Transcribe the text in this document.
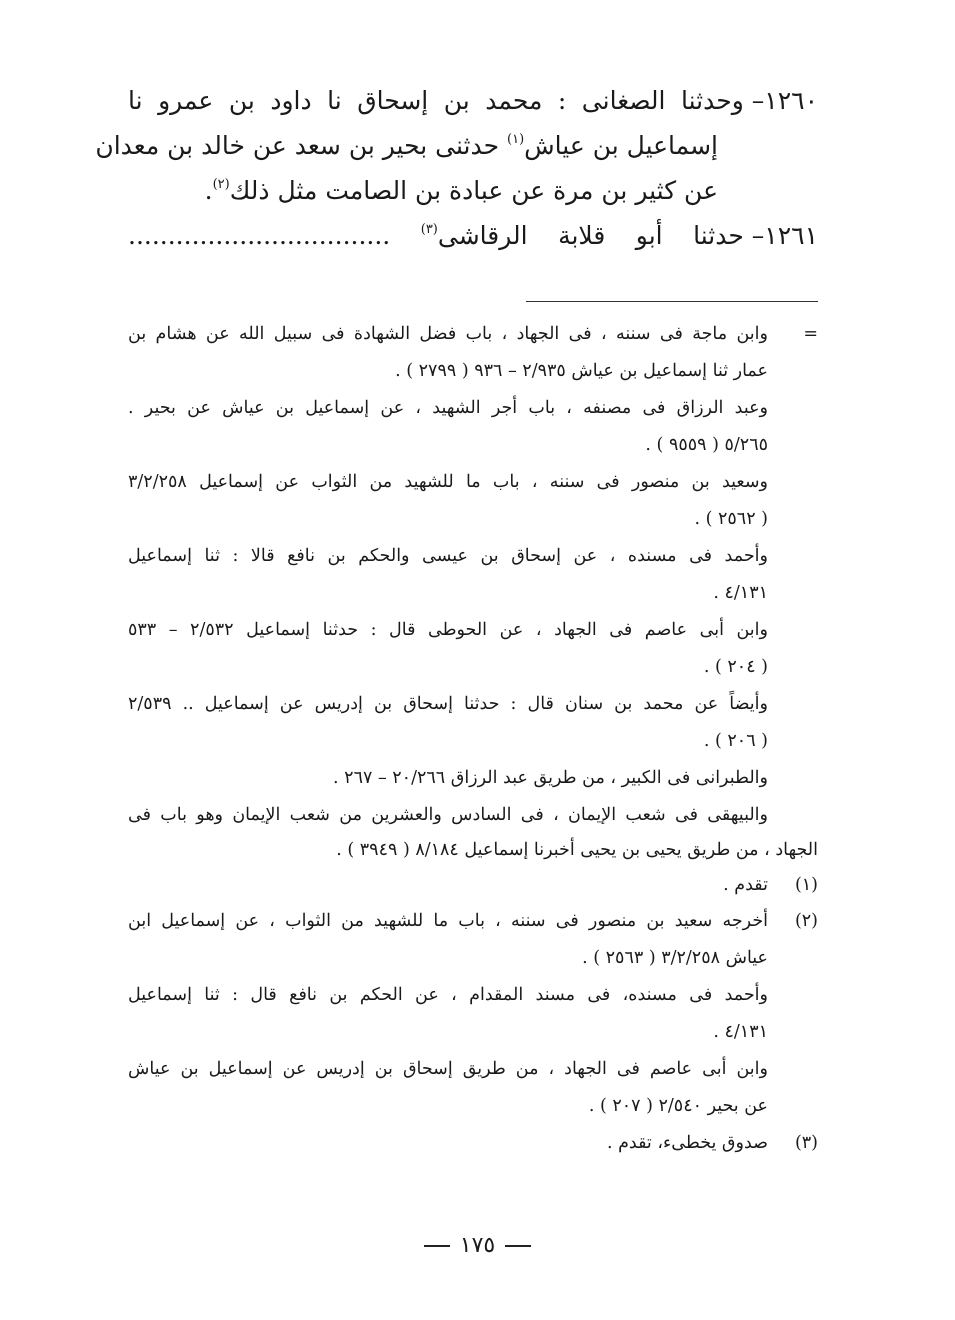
١٢٦٠–وحدثنا الصغانى : محمد بن إسحاق نا داود بن عمرو نا
إسماعيل بن عياش$^{(١)}$ حدثنى بحير بن سعد عن خالد بن معدان
عن كثير بن مرة عن عبادة بن الصامت مثل ذلك$^{(٢)}$.
١٢٦١–حدثنا أبو قلابة الرقاشى$^{(٣)}$ .................................
=
وابن ماجة فى سننه ، فى الجهاد ، باب فضل الشهادة فى سبيل الله عن هشام بن
عمار ثنا إسماعيل بن عياش ٢/٩٣٥ – ٩٣٦ ( ٢٧٩٩ ) .
وعبد الرزاق فى مصنفه ، باب أجر الشهيد ، عن إسماعيل بن عياش عن بحير .
٥/٢٦٥ ( ٩٥٥٩ ) .
وسعيد بن منصور فى سننه ، باب ما للشهيد من الثواب عن إسماعيل ٣/٢/٢٥٨
( ٢٥٦٢ ) .
وأحمد فى مسنده ، عن إسحاق بن عيسى والحكم بن نافع قالا : ثنا إسماعيل
٤/١٣١ .
وابن أبى عاصم فى الجهاد ، عن الحوطى قال : حدثنا إسماعيل ٢/٥٣٢ – ٥٣٣
( ٢٠٤ ) .
وأيضاً عن محمد بن سنان قال : حدثنا إسحاق بن إدريس عن إسماعيل .. ٢/٥٣٩
( ٢٠٦ ) .
والطبرانى فى الكبير ، من طريق عبد الرزاق ٢٠/٢٦٦ – ٢٦٧ .
والبيهقى فى شعب الإيمان ، فى السادس والعشرين من شعب الإيمان وهو باب فى
الجهاد ، من طريق يحيى بن يحيى أخبرنا إسماعيل ٨/١٨٤ ( ٣٩٤٩ ) .
(١)
تقدم .
(٢)
أخرجه سعيد بن منصور فى سننه ، باب ما للشهيد من الثواب ، عن إسماعيل ابن
عياش ٣/٢/٢٥٨ ( ٢٥٦٣ ) .
وأحمد فى مسنده، فى مسند المقدام ، عن الحكم بن نافع قال : ثنا إسماعيل
٤/١٣١ .
وابن أبى عاصم فى الجهاد ، من طريق إسحاق بن إدريس عن إسماعيل بن عياش
عن بحير ٢/٥٤٠ ( ٢٠٧ ) .
(٣)
صدوق يخطىء، تقدم .
١٧٥
